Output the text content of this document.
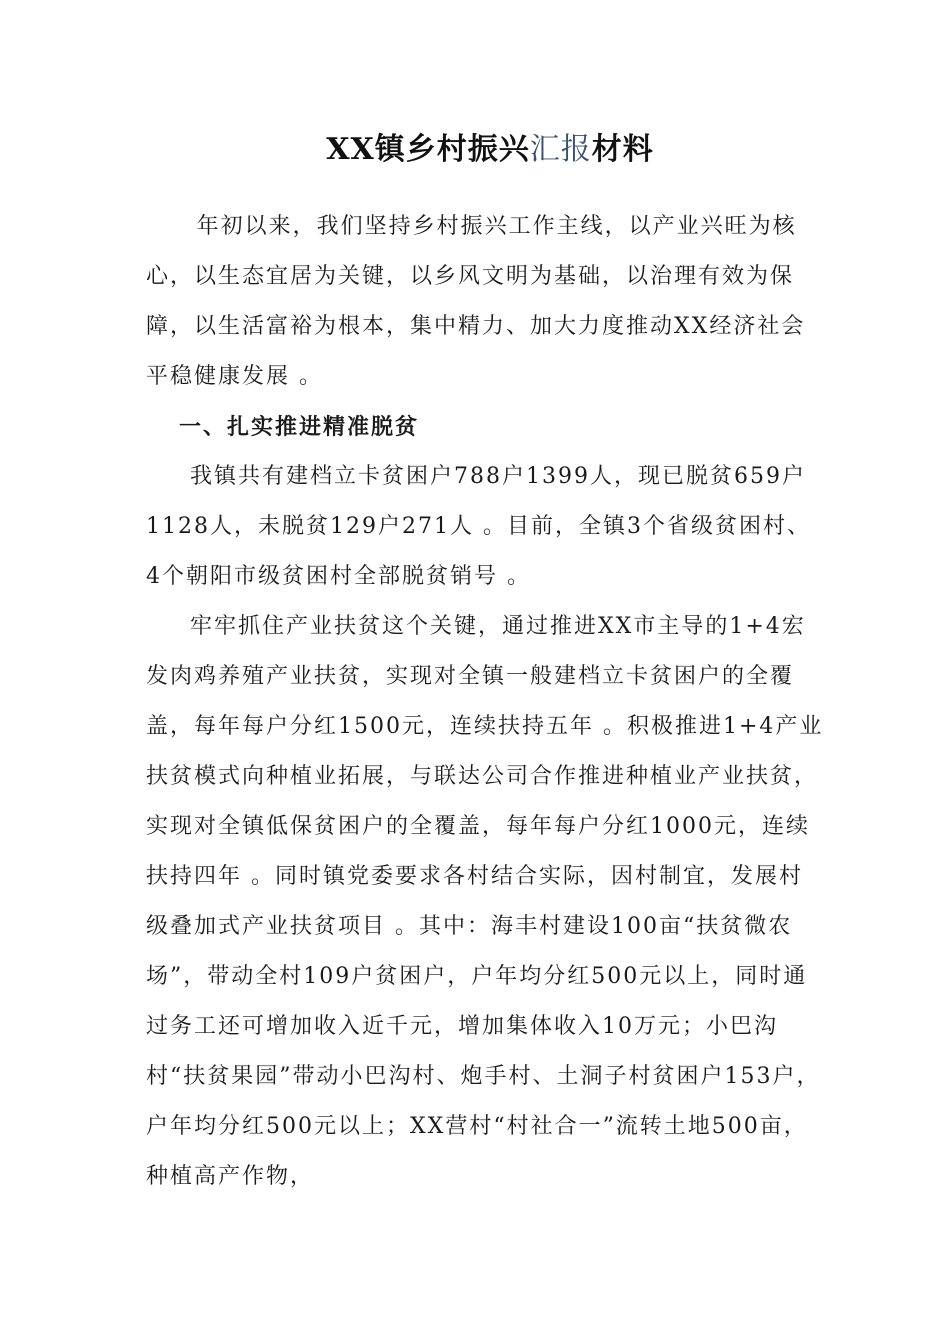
XX镇乡村振兴汇报材料

年初以来，我们坚持乡村振兴工作主线，以产业兴旺为核心，以生态宜居为关键，以乡风文明为基础，以治理有效为保障，以生活富裕为根本，集中精力、加大力度推动XX经济社会平稳健康发展 。

一、扎实推进精准脱贫

我镇共有建档立卡贫困户788户1399人，现已脱贫659户1128人，未脱贫129户271人 。目前，全镇3个省级贫困村、4个朝阳市级贫困村全部脱贫销号 。

牢牢抓住产业扶贫这个关键，通过推进XX市主导的1+4宏发肉鸡养殖产业扶贫，实现对全镇一般建档立卡贫困户的全覆盖，每年每户分红1500元，连续扶持五年 。积极推进1+4产业扶贫模式向种植业拓展，与联达公司合作推进种植业产业扶贫，实现对全镇低保贫困户的全覆盖，每年每户分红1000元，连续扶持四年 。同时镇党委要求各村结合实际，因村制宜，发展村级叠加式产业扶贫项目 。其中：海丰村建设100亩“扶贫微农场”，带动全村109户贫困户，户年均分红500元以上，同时通过务工还可增加收入近千元，增加集体收入10万元；小巴沟村“扶贫果园”带动小巴沟村、炮手村、土洞子村贫困户153户，户年均分红500元以上；XX营村“村社合一”流转土地500亩，种植高产作物，
